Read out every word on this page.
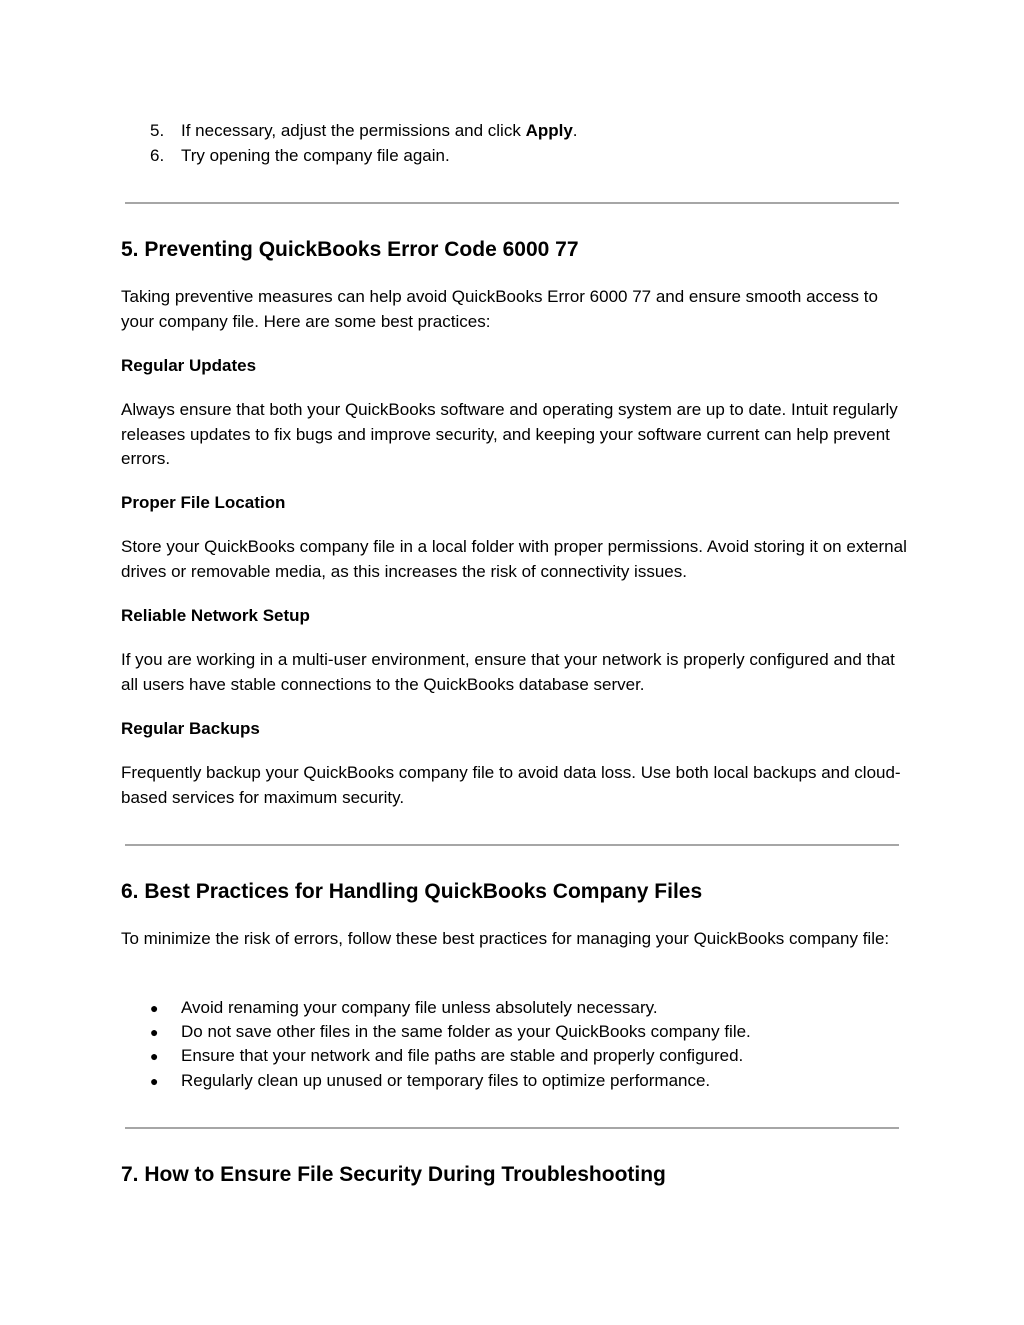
5. If necessary, adjust the permissions and click Apply.
6. Try opening the company file again.
5. Preventing QuickBooks Error Code 6000 77
Taking preventive measures can help avoid QuickBooks Error 6000 77 and ensure smooth access to your company file. Here are some best practices:
Regular Updates
Always ensure that both your QuickBooks software and operating system are up to date. Intuit regularly releases updates to fix bugs and improve security, and keeping your software current can help prevent errors.
Proper File Location
Store your QuickBooks company file in a local folder with proper permissions. Avoid storing it on external drives or removable media, as this increases the risk of connectivity issues.
Reliable Network Setup
If you are working in a multi-user environment, ensure that your network is properly configured and that all users have stable connections to the QuickBooks database server.
Regular Backups
Frequently backup your QuickBooks company file to avoid data loss. Use both local backups and cloud-based services for maximum security.
6. Best Practices for Handling QuickBooks Company Files
To minimize the risk of errors, follow these best practices for managing your QuickBooks company file:
● Avoid renaming your company file unless absolutely necessary.
● Do not save other files in the same folder as your QuickBooks company file.
● Ensure that your network and file paths are stable and properly configured.
● Regularly clean up unused or temporary files to optimize performance.
7. How to Ensure File Security During Troubleshooting
